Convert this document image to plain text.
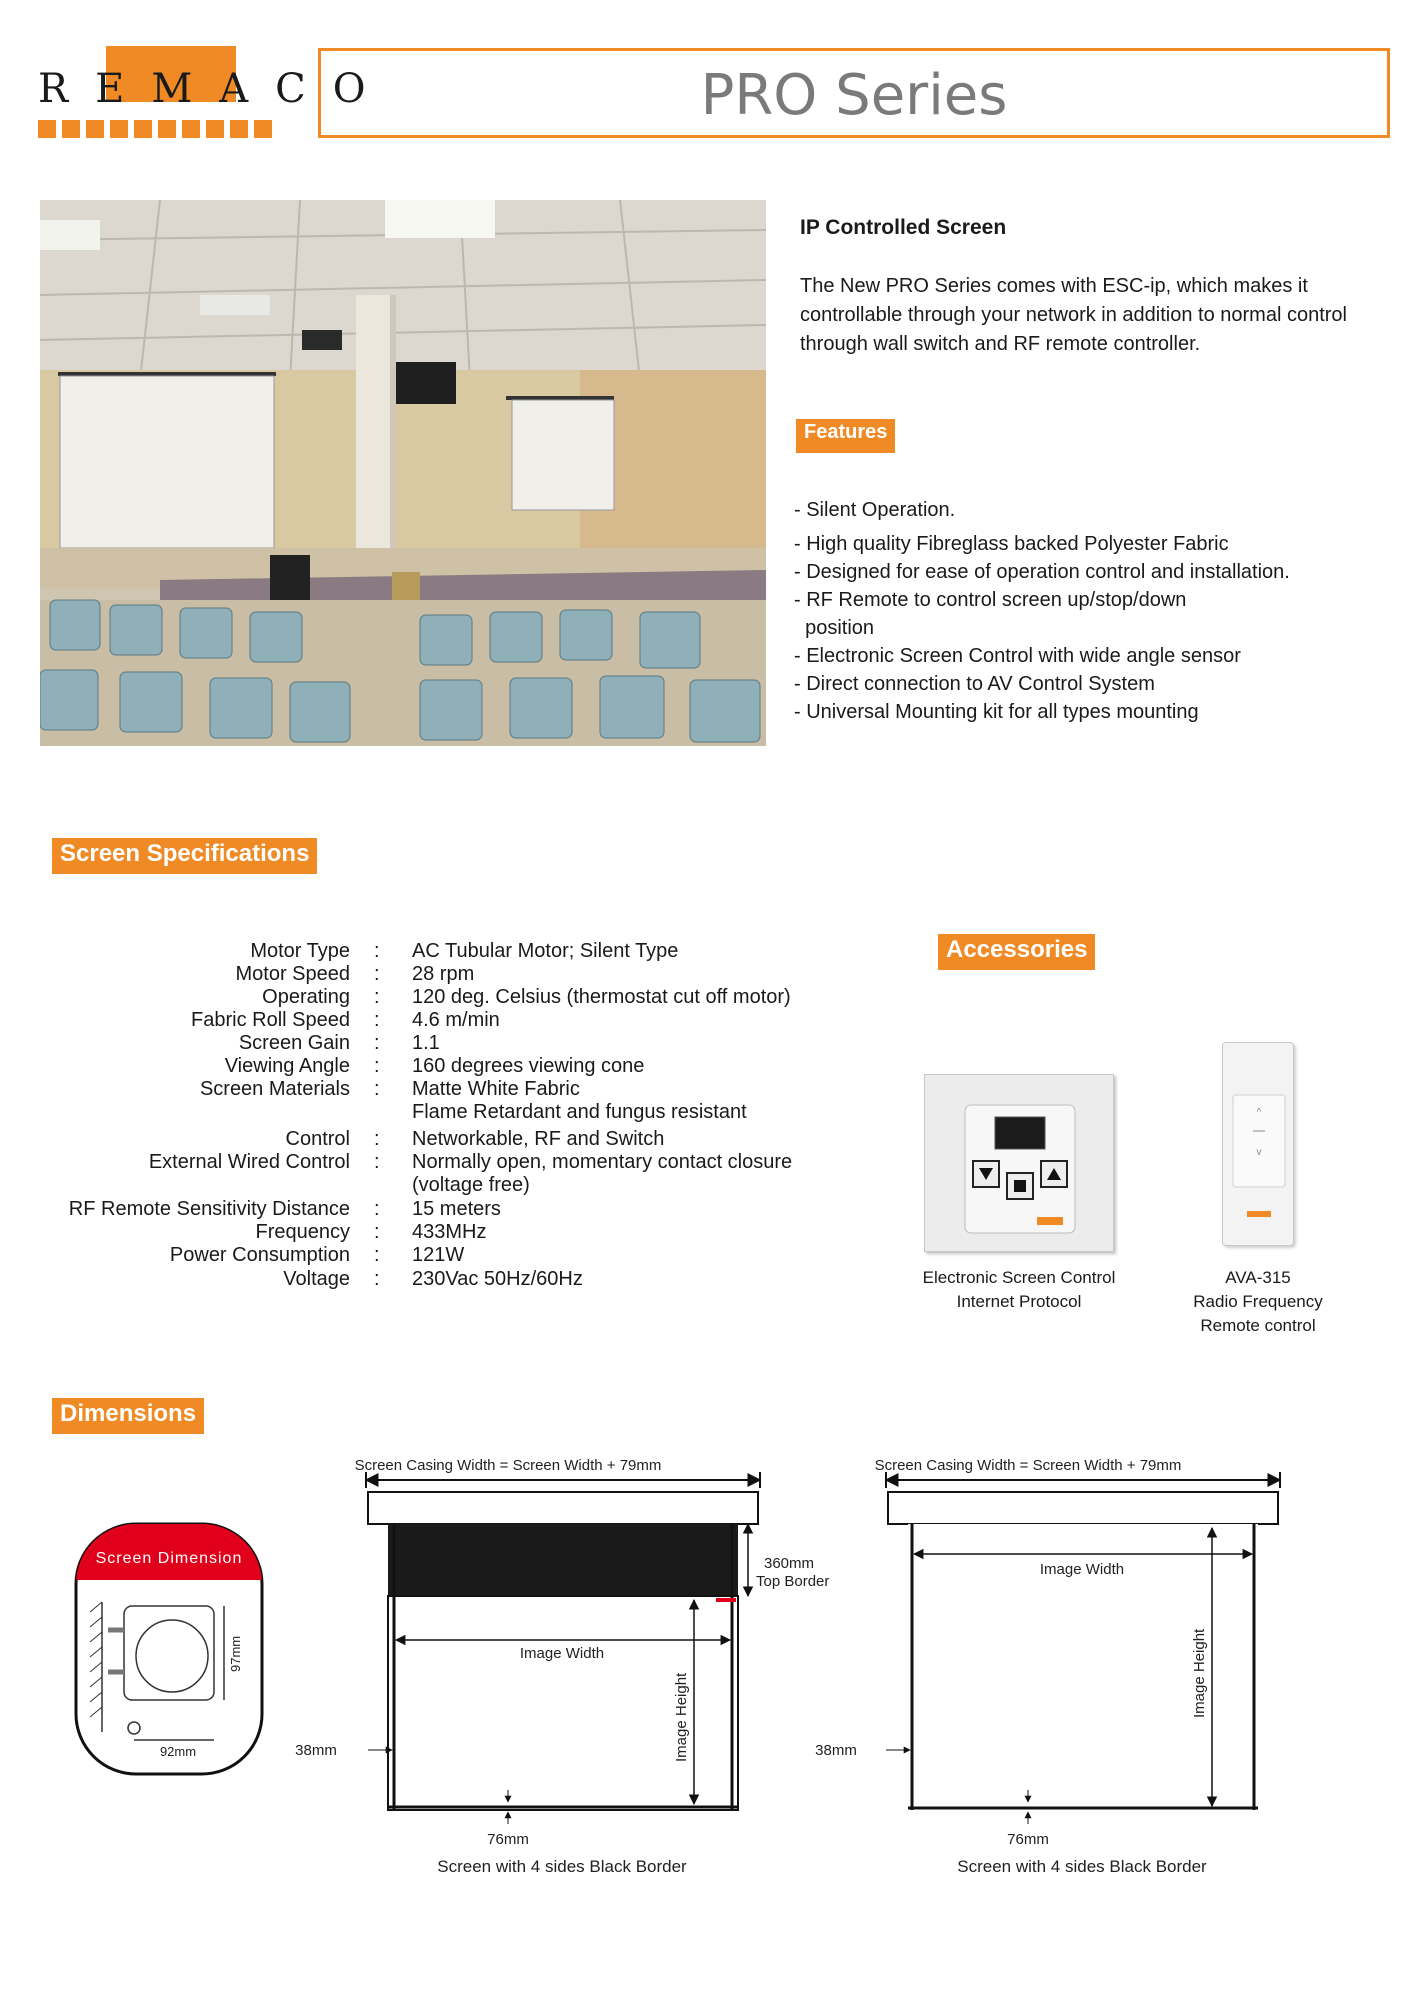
REMACO	PRO Series
IP Controlled Screen
The New PRO Series comes with ESC-ip, which makes it controllable through your network in addition to normal control through wall switch and RF remote controller.
Features
- Silent Operation.
- High quality Fibreglass backed Polyester Fabric
- Designed for ease of operation control and installation.
- RF Remote to control screen up/stop/down
position
- Electronic Screen Control with wide angle sensor
- Direct connection to AV Control System
- Universal Mounting kit for all types mounting
Screen Specifications
Motor Type : AC Tubular Motor; Silent Type
Motor Speed : 28 rpm
Operating : 120 deg. Celsius (thermostat cut off motor)
Fabric Roll Speed : 4.6 m/min
Screen Gain : 1.1
Viewing Angle : 160 degrees viewing cone
Screen Materials : Matte White Fabric
Flame Retardant and fungus resistant
Control : Networkable, RF and Switch
External Wired Control : Normally open, momentary contact closure
(voltage free)
RF Remote Sensitivity Distance : 15 meters
Frequency : 433MHz
Power Consumption : 121W
Voltage : 230Vac 50Hz/60Hz
Accessories
^
v
Electronic Screen Control
Internet Protocol
AVA-315
Radio Frequency
Remote control
Dimensions
Screen Dimension
97mm
92mm
Screen Casing Width = Screen Width + 79mm
360mm
Top Border
Image Width
Image Height
38mm
76mm
Screen with 4 sides Black Border
Screen Casing Width = Screen Width + 79mm
Image Width
Image Height
38mm
76mm
Screen with 4 sides Black Border
